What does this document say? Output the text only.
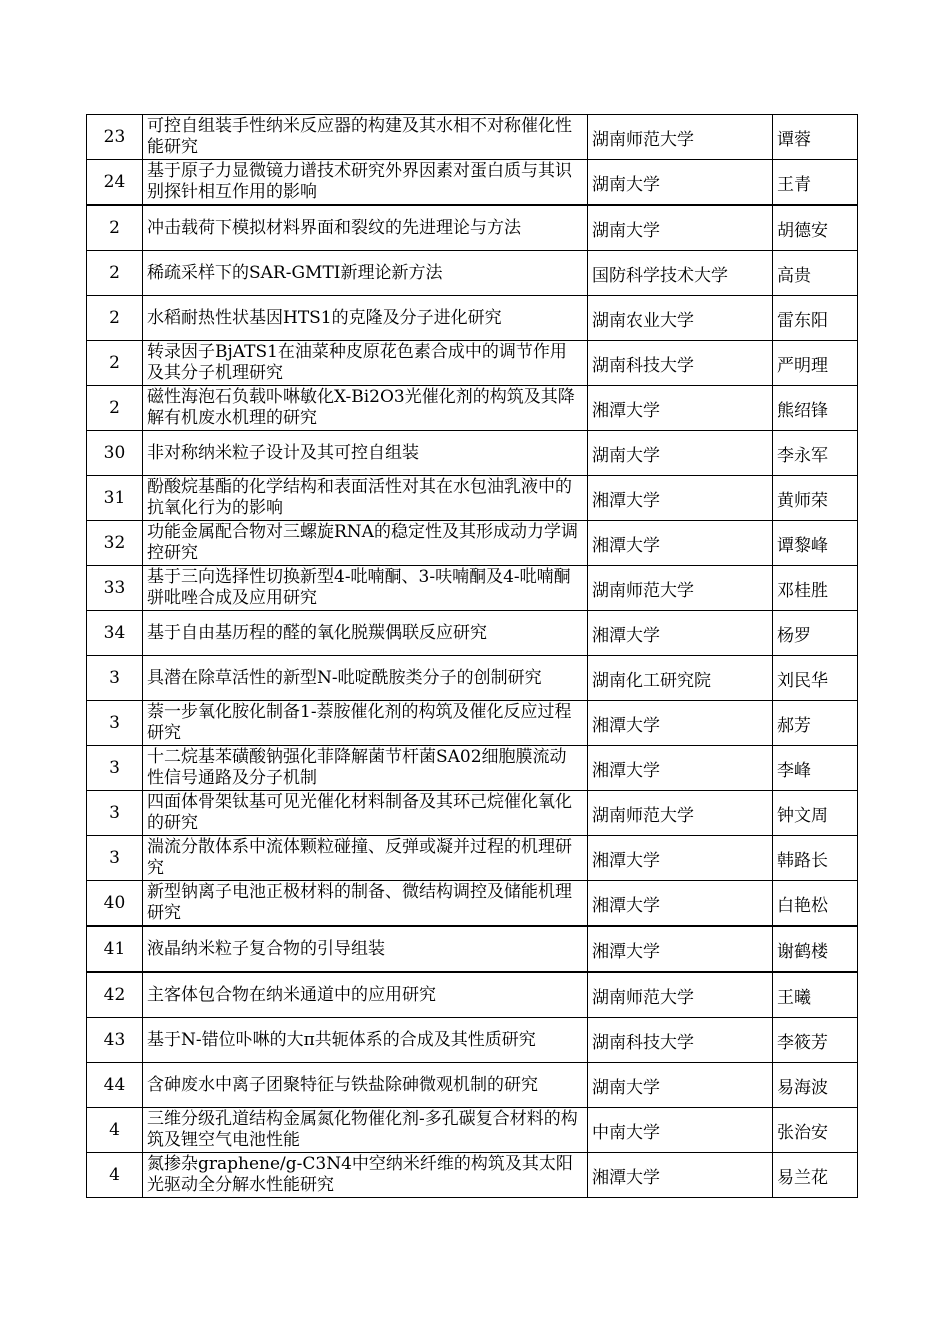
23	可控自组装手性纳米反应器的构建及其水相不对称催化性能研究	湖南师范大学	谭蓉

24	基于原子力显微镜力谱技术研究外界因素对蛋白质与其识别探针相互作用的影响	湖南大学	王青

2	冲击载荷下模拟材料界面和裂纹的先进理论与方法	湖南大学	胡德安

2	稀疏采样下的SAR-GMTI新理论新方法	国防科学技术大学	高贵

2	水稻耐热性状基因HTS1的克隆及分子进化研究	湖南农业大学	雷东阳

2	转录因子BjATS1在油菜种皮原花色素合成中的调节作用及其分子机理研究	湖南科技大学	严明理

2	磁性海泡石负载卟啉敏化X-Bi2O3光催化剂的构筑及其降解有机废水机理的研究	湘潭大学	熊绍锋

30	非对称纳米粒子设计及其可控自组装	湖南大学	李永军

31	酚酸烷基酯的化学结构和表面活性对其在水包油乳液中的抗氧化行为的影响	湘潭大学	黄师荣

32	功能金属配合物对三螺旋RNA的稳定性及其形成动力学调控研究	湘潭大学	谭黎峰

33	基于三向选择性切换新型4-吡喃酮、3-呋喃酮及4-吡喃酮骈吡唑合成及应用研究	湖南师范大学	邓桂胜

34	基于自由基历程的醛的氧化脱羰偶联反应研究	湘潭大学	杨罗

3	具潜在除草活性的新型N-吡啶酰胺类分子的创制研究	湖南化工研究院	刘民华

3	萘一步氧化胺化制备1-萘胺催化剂的构筑及催化反应过程研究	湘潭大学	郝芳

3	十二烷基苯磺酸钠强化菲降解菌节杆菌SA02细胞膜流动性信号通路及分子机制	湘潭大学	李峰

3	四面体骨架钛基可见光催化材料制备及其环己烷催化氧化的研究	湖南师范大学	钟文周

3	湍流分散体系中流体颗粒碰撞、反弹或凝并过程的机理研究	湘潭大学	韩路长

40	新型钠离子电池正极材料的制备、微结构调控及储能机理研究	湘潭大学	白艳松

41	液晶纳米粒子复合物的引导组装	湘潭大学	谢鹤楼

42	主客体包合物在纳米通道中的应用研究	湖南师范大学	王曦

43	基于N-错位卟啉的大π共轭体系的合成及其性质研究	湖南科技大学	李筱芳

44	含砷废水中离子团聚特征与铁盐除砷微观机制的研究	湖南大学	易海波

4	三维分级孔道结构金属氮化物催化剂-多孔碳复合材料的构筑及锂空气电池性能	中南大学	张治安

4	氮掺杂graphene/g-C3N4中空纳米纤维的构筑及其太阳光驱动全分解水性能研究	湘潭大学	易兰花
